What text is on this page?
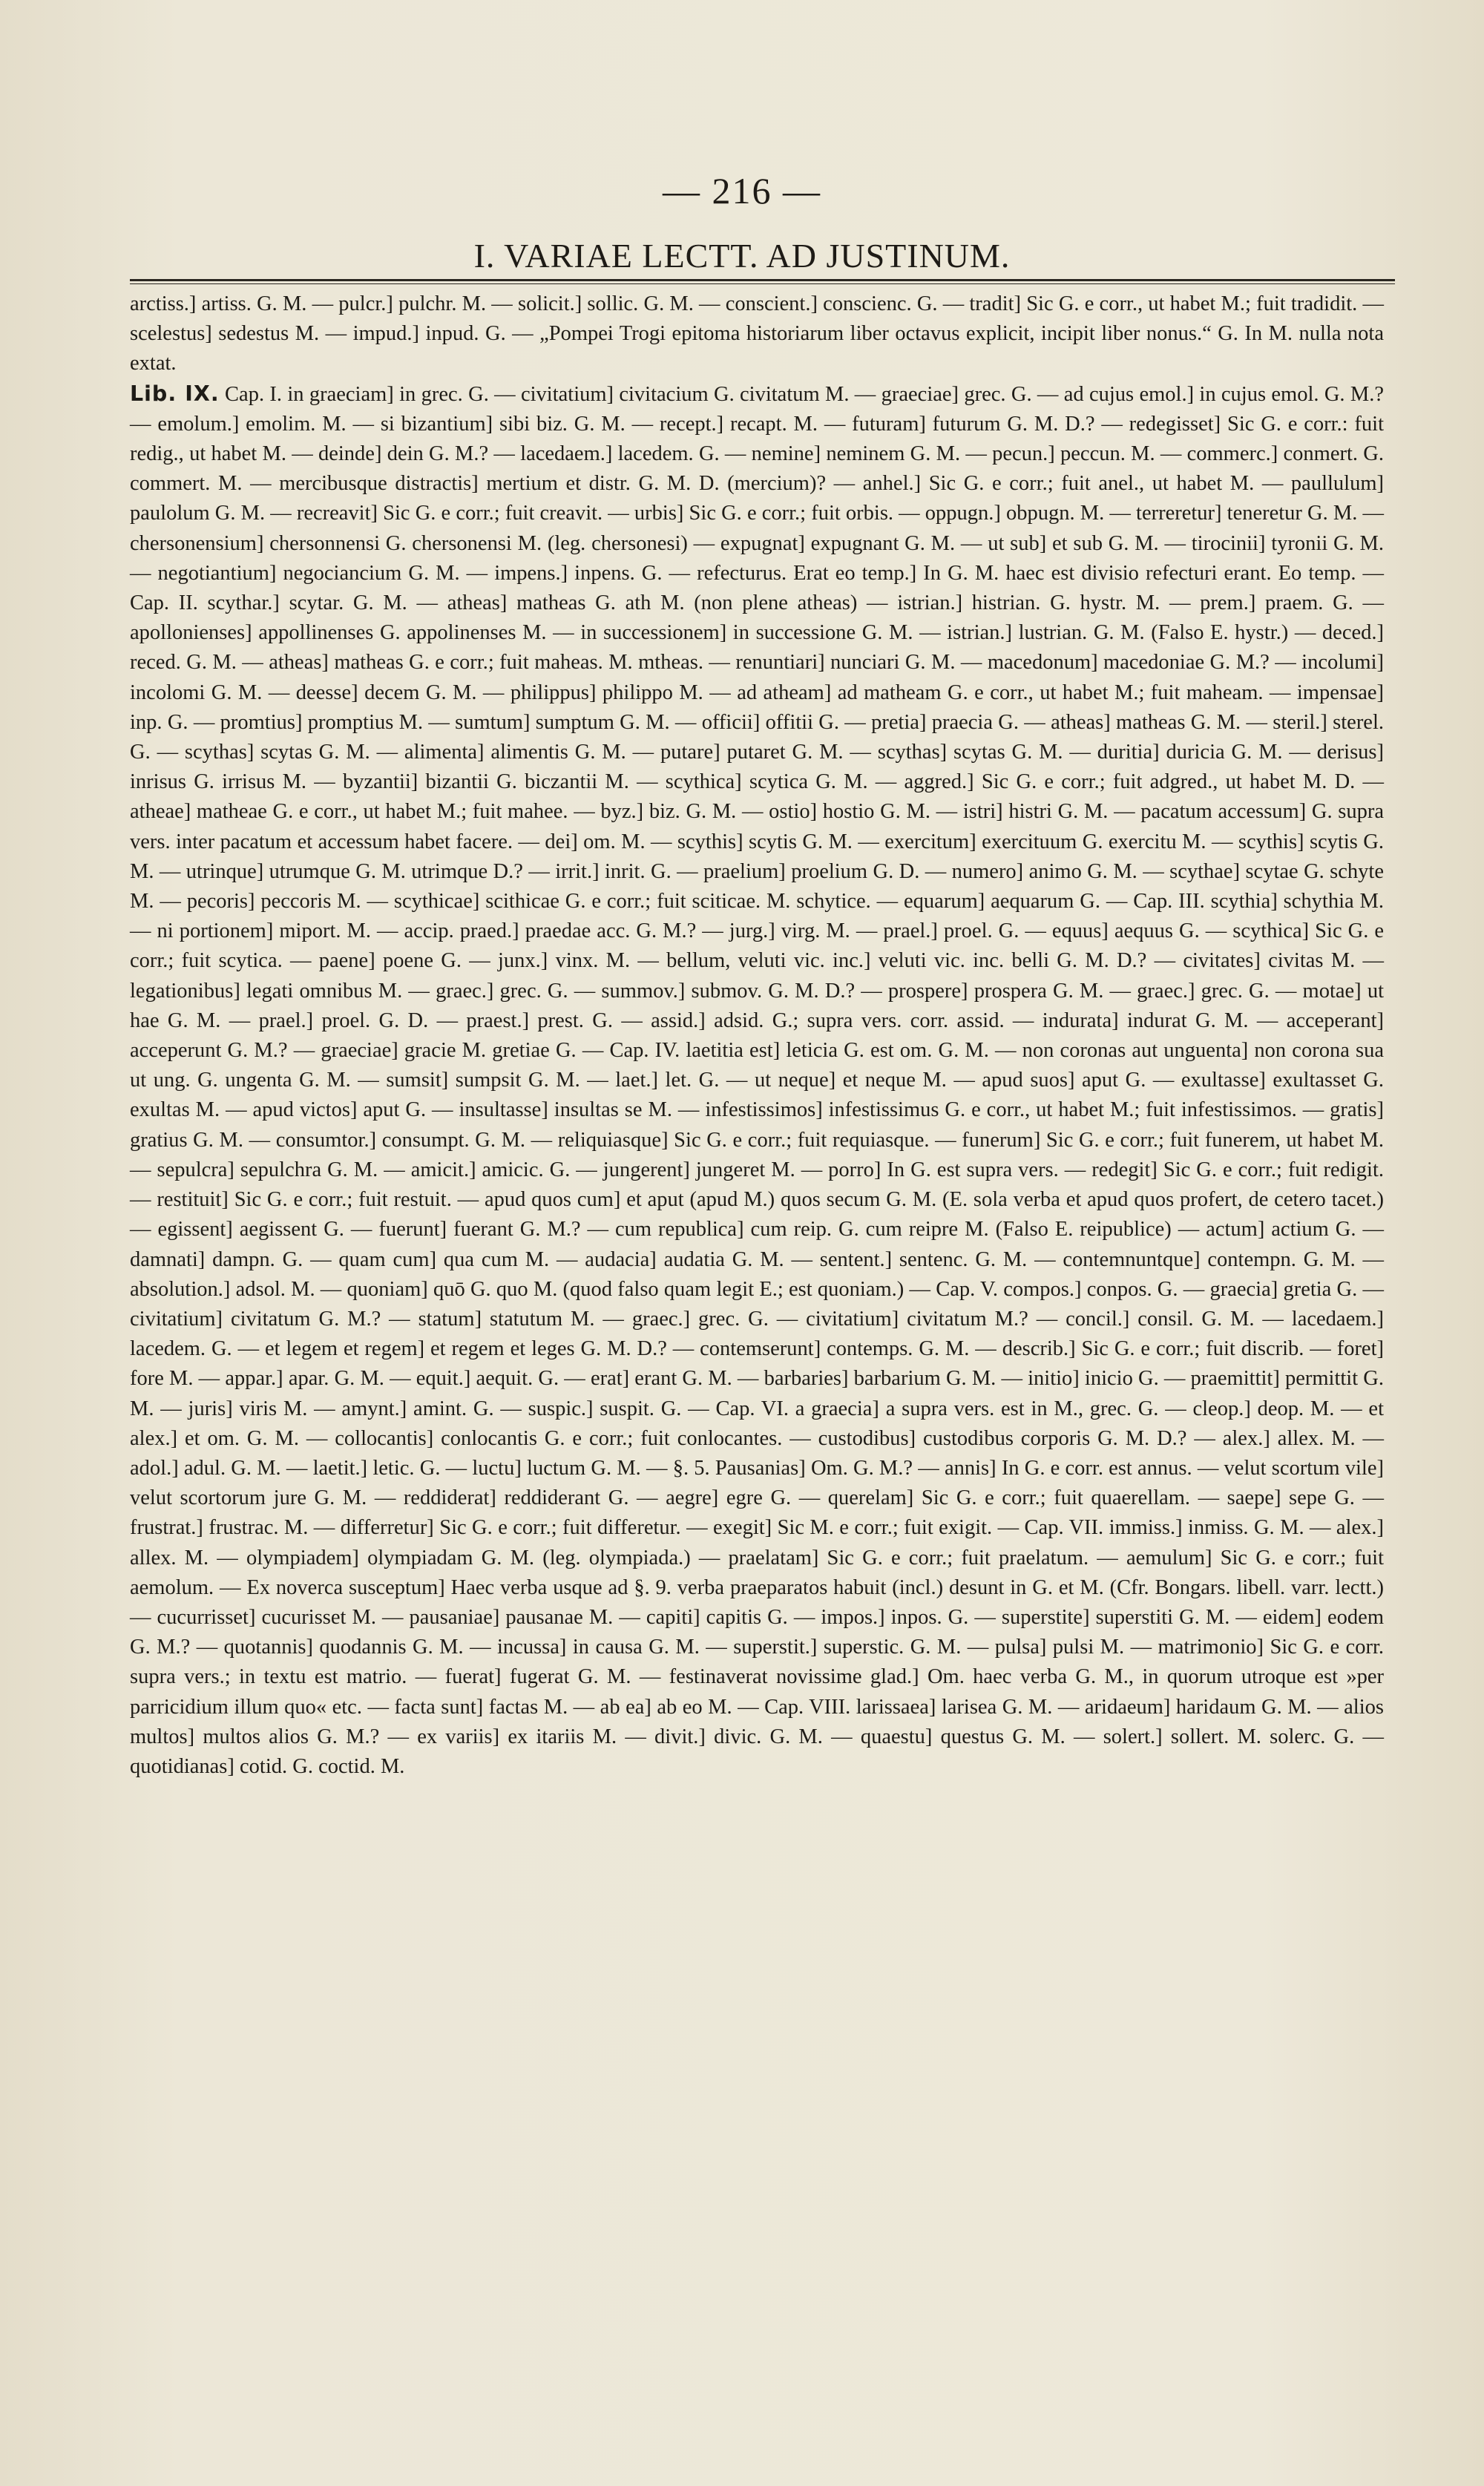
— 216 —
I. VARIAE LECTT. AD JUSTINUM.

arctiss.] artiss. G. M. — pulcr.] pulchr. M. — solicit.] sollic. G. M. — conscient.] conscienc. G. — tradit] Sic G. e corr., ut habet M.; fuit tradidit. — scelestus] sedestus M. — impud.] inpud. G. — „Pompei Trogi epitoma historiarum liber octavus explicit, incipit liber nonus.“ G. In M. nulla nota extat.

Lib. IX. Cap. I. in graeciam] in grec. G. — civitatium] civitacium G. civitatum M. — graeciae] grec. G. — ad cujus emol.] in cujus emol. G. M.? — emolum.] emolim. M. — si bizantium] sibi biz. G. M. — recept.] recapt. M. — futuram] futurum G. M. D.? — redegisset] Sic G. e corr.: fuit redig., ut habet M. — deinde] dein G. M.? — lacedaem.] lacedem. G. — nemine] neminem G. M. — pecun.] peccun. M. — commerc.] conmert. G. commert. M. — mercibusque distractis] mertium et distr. G. M. D. (mercium)? — anhel.] Sic G. e corr.; fuit anel., ut habet M. — paullulum] paulolum G. M. — recreavit] Sic G. e corr.; fuit creavit. — urbis] Sic G. e corr.; fuit orbis. — oppugn.] obpugn. M. — terreretur] teneretur G. M. — chersonensium] chersonnensi G. chersonensi M. (leg. chersonesi) — expugnat] expugnant G. M. — ut sub] et sub G. M. — tirocinii] tyronii G. M. — negotiantium] negociancium G. M. — impens.] inpens. G. — refecturus. Erat eo temp.] In G. M. haec est divisio refecturi erant. Eo temp. — Cap. II. scythar.] scytar. G. M. — atheas] matheas G. ath M. (non plene atheas) — istrian.] histrian. G. hystr. M. — prem.] praem. G. — apollonienses] appollinenses G. appolinenses M. — in successionem] in successione G. M. — istrian.] lustrian. G. M. (Falso E. hystr.) — deced.] reced. G. M. — atheas] matheas G. e corr.; fuit maheas. M. mtheas. — renuntiari] nunciari G. M. — macedonum] macedoniae G. M.? — incolumi] incolomi G. M. — deesse] decem G. M. — philippus] philippo M. — ad atheam] ad matheam G. e corr., ut habet M.; fuit maheam. — impensae] inp. G. — promtius] promptius M. — sumtum] sumptum G. M. — officii] offitii G. — pretia] praecia G. — atheas] matheas G. M. — steril.] sterel. G. — scythas] scytas G. M. — alimenta] alimentis G. M. — putare] putaret G. M. — scythas] scytas G. M. — duritia] duricia G. M. — derisus] inrisus G. irrisus M. — byzantii] bizantii G. biczantii M. — scythica] scytica G. M. — aggred.] Sic G. e corr.; fuit adgred., ut habet M. D. — atheae] matheae G. e corr., ut habet M.; fuit mahee. — byz.] biz. G. M. — ostio] hostio G. M. — istri] histri G. M. — pacatum accessum] G. supra vers. inter pacatum et accessum habet facere. — dei] om. M. — scythis] scytis G. M. — exercitum] exercituum G. exercitu M. — scythis] scytis G. M. — utrinque] utrumque G. M. utrimque D.? — irrit.] inrit. G. — praelium] proelium G. D. — numero] animo G. M. — scythae] scytae G. schyte M. — pecoris] peccoris M. — scythicae] scithicae G. e corr.; fuit sciticae. M. schytice. — equarum] aequarum G. — Cap. III. scythia] schythia M. — ni portionem] miport. M. — accip. praed.] praedae acc. G. M.? — jurg.] virg. M. — prael.] proel. G. — equus] aequus G. — scythica] Sic G. e corr.; fuit scytica. — paene] poene G. — junx.] vinx. M. — bellum, veluti vic. inc.] veluti vic. inc. belli G. M. D.? — civitates] civitas M. — legationibus] legati omnibus M. — graec.] grec. G. — summov.] submov. G. M. D.? — prospere] prospera G. M. — graec.] grec. G. — motae] ut hae G. M. — prael.] proel. G. D. — praest.] prest. G. — assid.] adsid. G.; supra vers. corr. assid. — indurata] indurat G. M. — acceperant] acceperunt G. M.? — graeciae] gracie M. gretiae G. — Cap. IV. laetitia est] leticia G. est om. G. M. — non coronas aut unguenta] non corona sua ut ung. G. ungenta G. M. — sumsit] sumpsit G. M. — laet.] let. G. — ut neque] et neque M. — apud suos] aput G. — exultasse] exultasset G. exultas M. — apud victos] aput G. — insultasse] insultas se M. — infestissimos] infestissimus G. e corr., ut habet M.; fuit infestissimos. — gratis] gratius G. M. — consumtor.] consumpt. G. M. — reliquiasque] Sic G. e corr.; fuit requiasque. — funerum] Sic G. e corr.; fuit funerem, ut habet M. — sepulcra] sepulchra G. M. — amicit.] amicic. G. — jungerent] jungeret M. — porro] In G. est supra vers. — redegit] Sic G. e corr.; fuit redigit. — restituit] Sic G. e corr.; fuit restuit. — apud quos cum] et aput (apud M.) quos secum G. M. (E. sola verba et apud quos profert, de cetero tacet.) — egissent] aegissent G. — fuerunt] fuerant G. M.? — cum republica] cum reip. G. cum reipre M. (Falso E. reipublice) — actum] actium G. — damnati] dampn. G. — quam cum] qua cum M. — audacia] audatia G. M. — sentent.] sentenc. G. M. — contemnuntque] contempn. G. M. — absolution.] adsol. M. — quoniam] quō G. quo M. (quod falso quam legit E.; est quoniam.) — Cap. V. compos.] conpos. G. — graecia] gretia G. — civitatium] civitatum G. M.? — statum] statutum M. — graec.] grec. G. — civitatium] civitatum M.? — concil.] consil. G. M. — lacedaem.] lacedem. G. — et legem et regem] et regem et leges G. M. D.? — contemserunt] contemps. G. M. — describ.] Sic G. e corr.; fuit discrib. — foret] fore M. — appar.] apar. G. M. — equit.] aequit. G. — erat] erant G. M. — barbaries] barbarium G. M. — initio] inicio G. — praemittit] permittit G. M. — juris] viris M. — amynt.] amint. G. — suspic.] suspit. G. — Cap. VI. a graecia] a supra vers. est in M., grec. G. — cleop.] deop. M. — et alex.] et om. G. M. — collocantis] conlocantis G. e corr.; fuit conlocantes. — custodibus] custodibus corporis G. M. D.? — alex.] allex. M. — adol.] adul. G. M. — laetit.] letic. G. — luctu] luctum G. M. — §. 5. Pausanias] Om. G. M.? — annis] In G. e corr. est annus. — velut scortum vile] velut scortorum jure G. M. — reddiderat] reddiderant G. — aegre] egre G. — querelam] Sic G. e corr.; fuit quaerellam. — saepe] sepe G. — frustrat.] frustrac. M. — differretur] Sic G. e corr.; fuit differetur. — exegit] Sic M. e corr.; fuit exigit. — Cap. VII. immiss.] inmiss. G. M. — alex.] allex. M. — olympiadem] olympiadam G. M. (leg. olympiada.) — praelatam] Sic G. e corr.; fuit praelatum. — aemulum] Sic G. e corr.; fuit aemolum. — Ex noverca susceptum] Haec verba usque ad §. 9. verba praeparatos habuit (incl.) desunt in G. et M. (Cfr. Bongars. libell. varr. lectt.) — cucurrisset] cucurisset M. — pausaniae] pausanae M. — capiti] capitis G. — impos.] inpos. G. — superstite] superstiti G. M. — eidem] eodem G. M.? — quotannis] quodannis G. M. — incussa] in causa G. M. — superstit.] superstic. G. M. — pulsa] pulsi M. — matrimonio] Sic G. e corr. supra vers.; in textu est matrio. — fuerat] fugerat G. M. — festinaverat novissime glad.] Om. haec verba G. M., in quorum utroque est »per parricidium illum quo« etc. — facta sunt] factas M. — ab ea] ab eo M. — Cap. VIII. larissaea] larisea G. M. — aridaeum] haridaum G. M. — alios multos] multos alios G. M.? — ex variis] ex itariis M. — divit.] divic. G. M. — quaestu] questus G. M. — solert.] sollert. M. solerc. G. — quotidianas] cotid. G. coctid. M.
